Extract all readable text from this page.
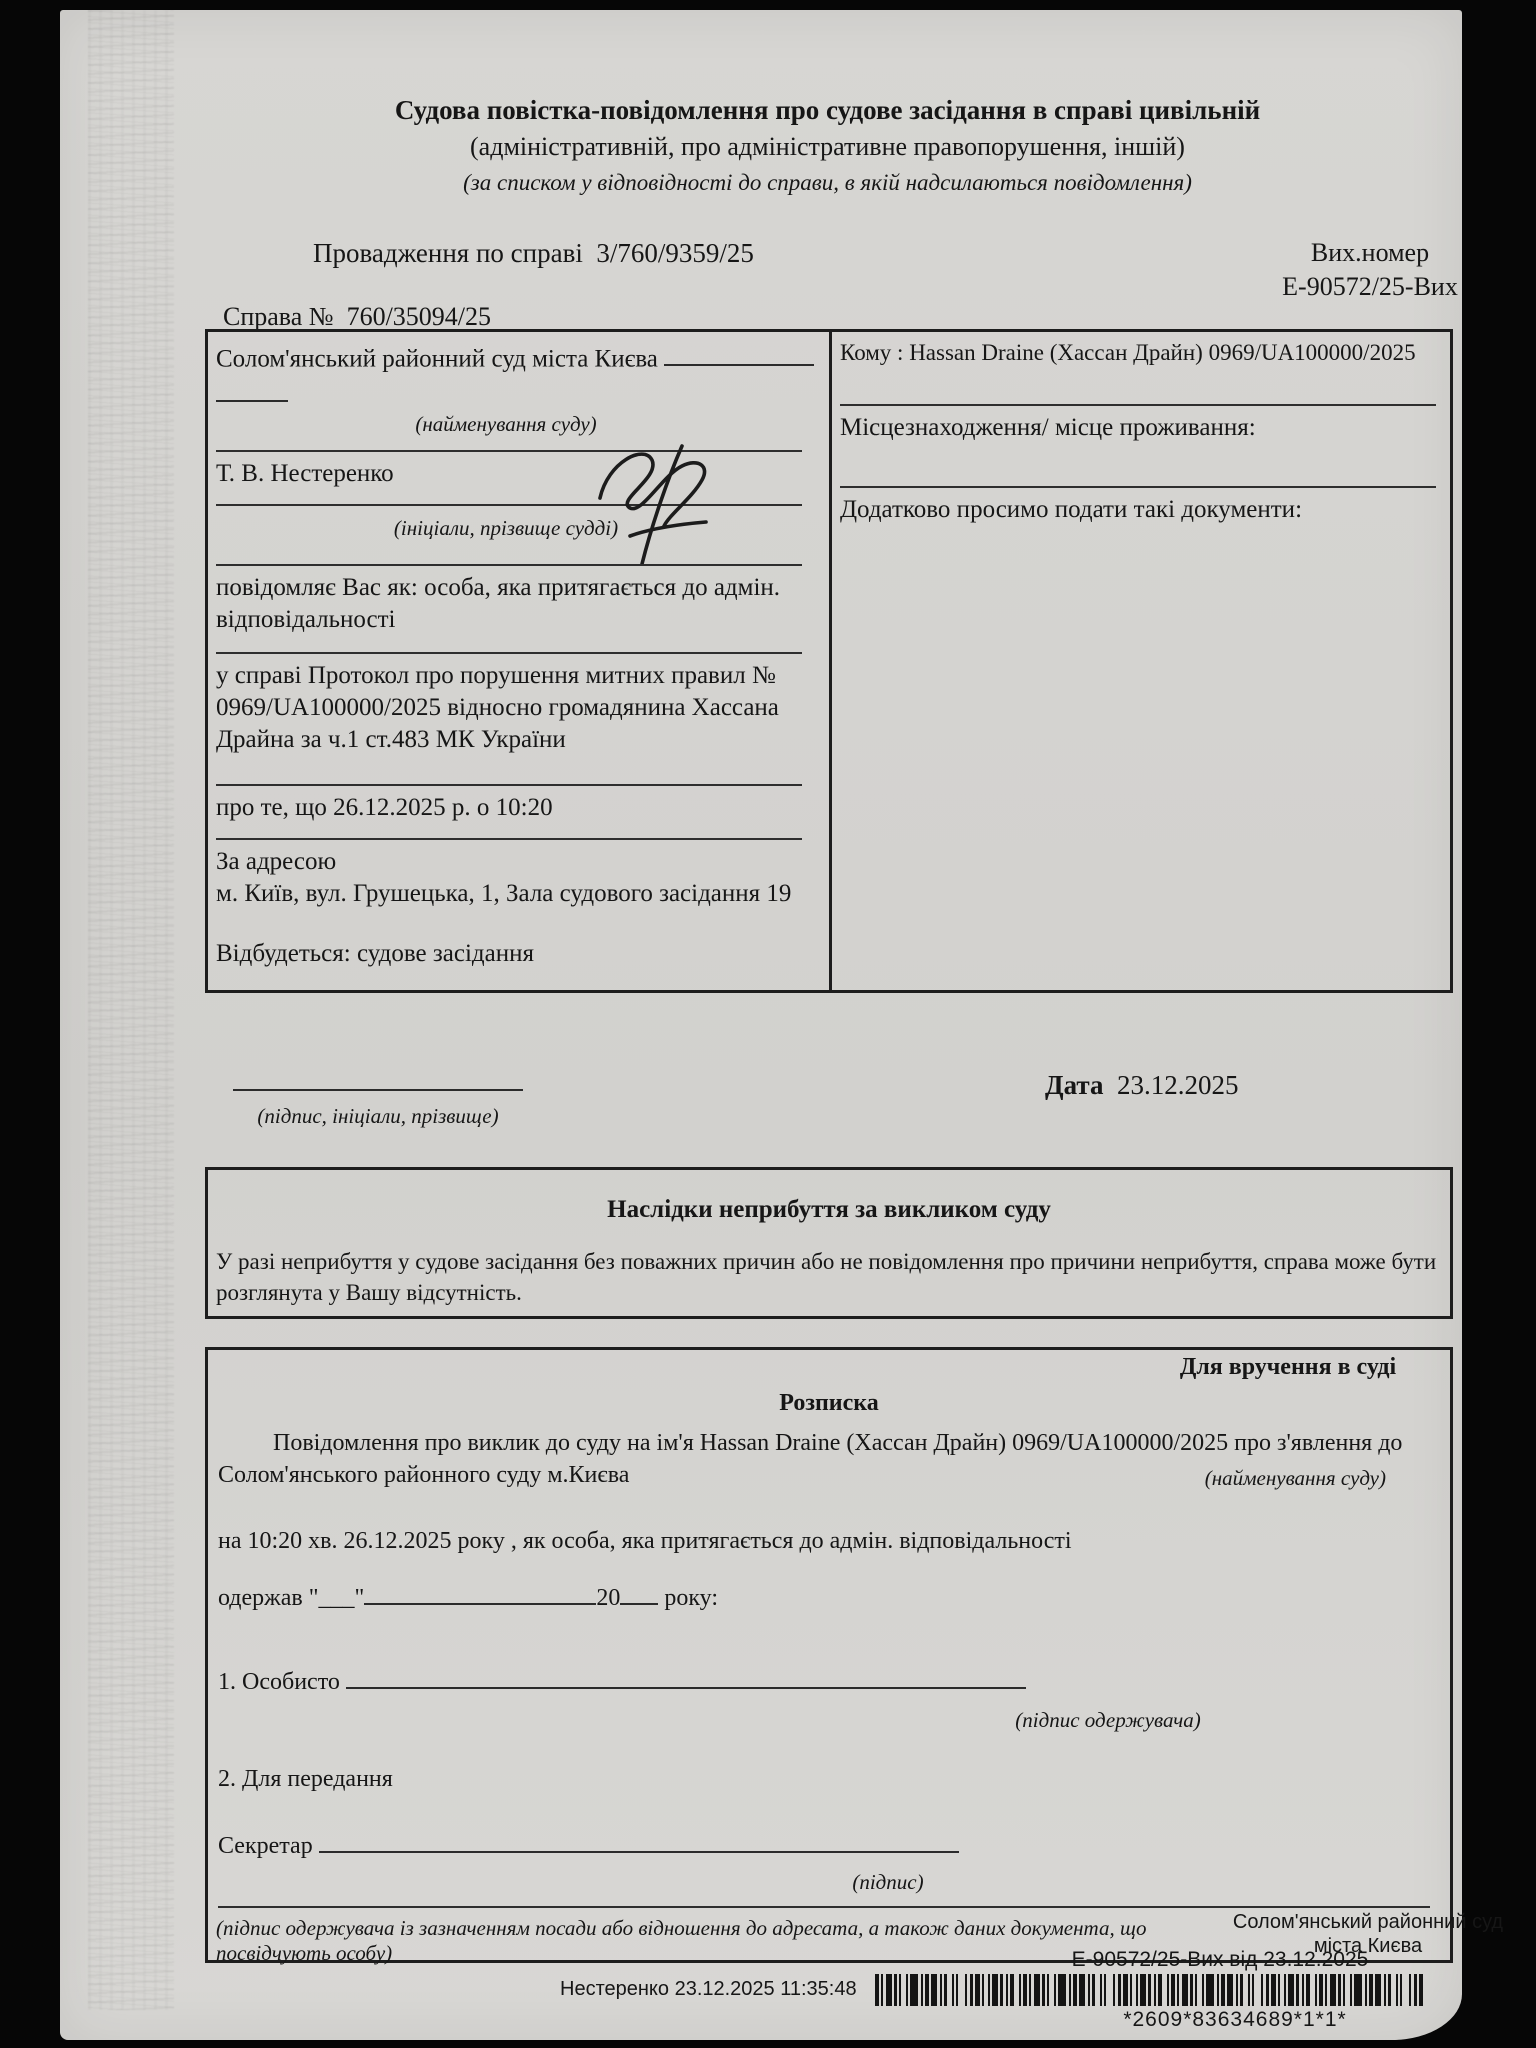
Судова повістка-повідомлення про судове засідання в справі цивільній
(адміністративній, про адміністративне правопорушення, іншій)
(за списком у відповідності до справи, в якій надсилаються повідомлення)
Провадження по справі 3/760/9359/25	Вих.номер
Е-90572/25-Вих
Справа № 760/35094/25
Солом'янський районний суд міста Києва
(найменування суду)
Т. В. Нестеренко
(ініціали, прізвище судді)
повідомляє Вас як: особа, яка притягається до адмін. відповідальності
у справі Протокол про порушення митних правил № 0969/UA100000/2025 відносно громадянина Хассана Драйна за ч.1 ст.483 МК України
про те, що 26.12.2025 р. о 10:20
За адресою
м. Київ, вул. Грушецька, 1, Зала судового засідання 19
Відбудеться: судове засідання
Кому : Hassan Draine (Хассан Драйн) 0969/UA100000/2025
Місцезнаходження/ місце проживання:
Додатково просимо подати такі документи:
(підпис, ініціали, прізвище)
Дата 23.12.2025
Наслідки неприбуття за викликом суду
У разі неприбуття у судове засідання без поважних причин або не повідомлення про причини неприбуття, справа може бути розглянута у Вашу відсутність.
Для вручення в суді
Розписка
Повідомлення про виклик до суду на ім'я Hassan Draine (Хассан Драйн) 0969/UA100000/2025 про з'явлення до
Солом'янського районного суду м.Києва	(найменування суду)
на 10:20 хв. 26.12.2025 року , як особа, яка притягається до адмін. відповідальності
одержав "___"	20 року:
1. Особисто
(підпис одержувача)
2. Для передання
Секретар
(підпис)
(підпис одержувача із зазначенням посади або відношення до адресата, а також даних документа, що посвідчують особу)
Солом'янський районний суд
міста Києва
Е-90572/25-Вих від 23.12.2025
Нестеренко 23.12.2025 11:35:48
*2609*83634689*1*1*
